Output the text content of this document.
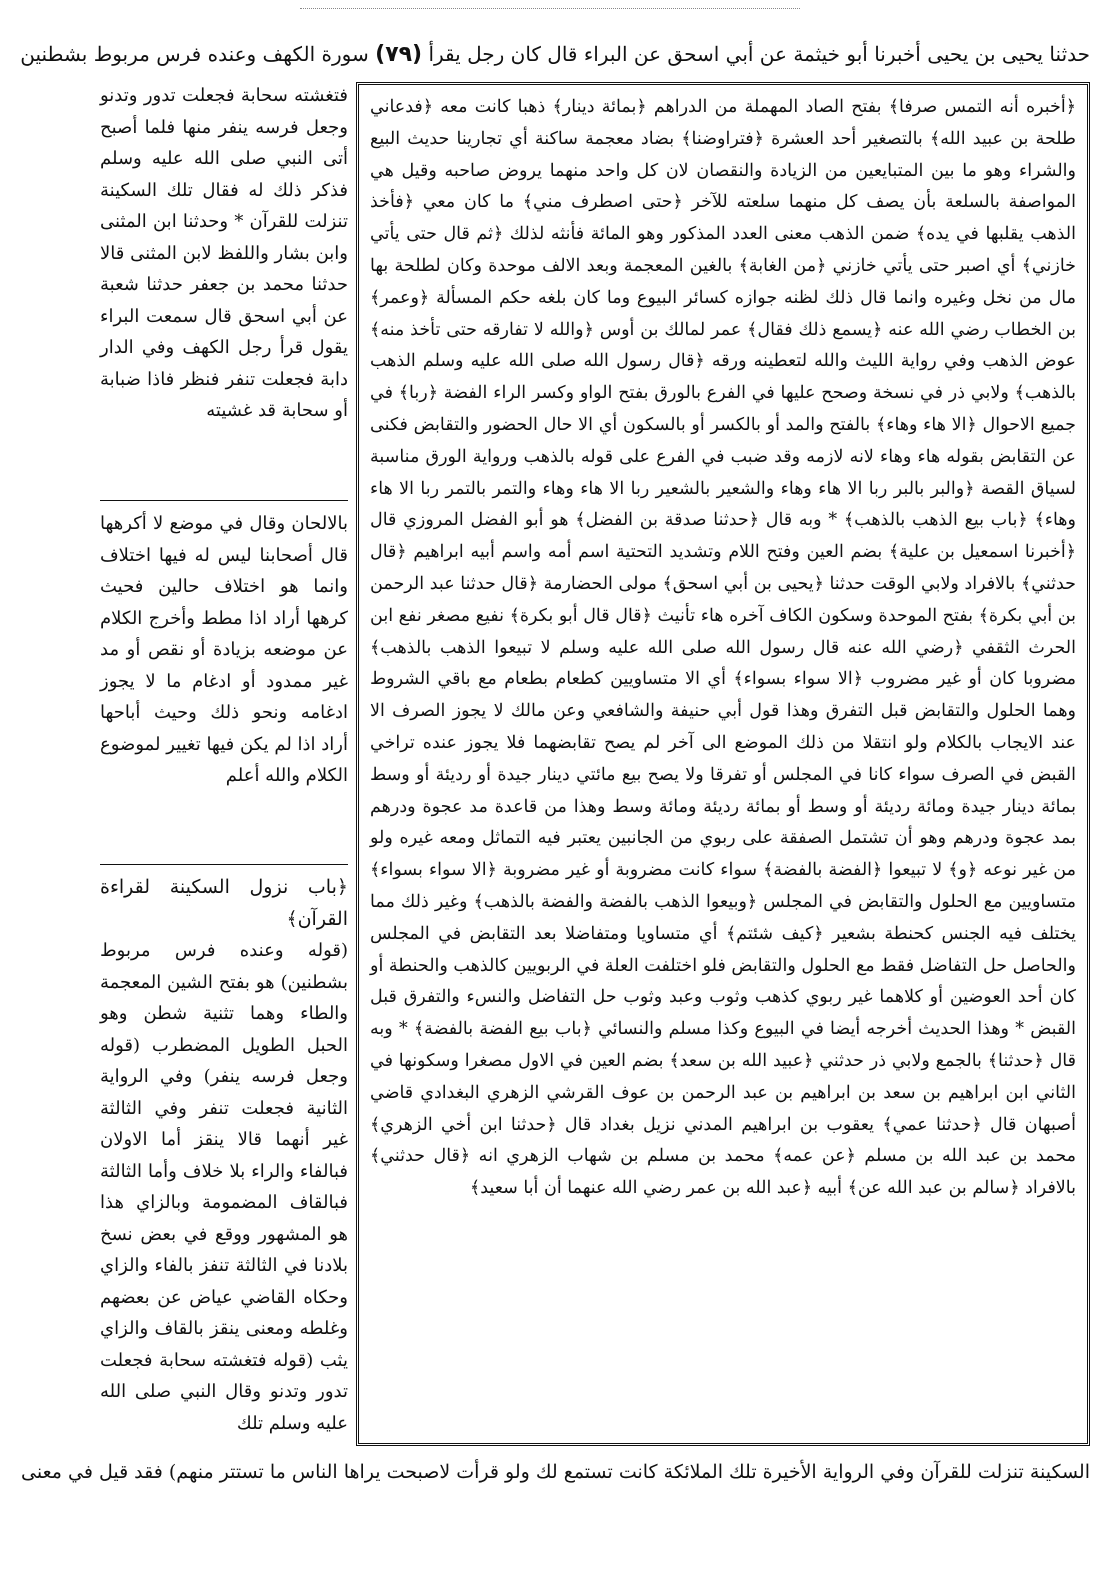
حدثنا يحيى بن يحيى أخبرنا أبو خيثمة عن أبي اسحق عن البراء قال كان رجل يقرأ (٧٩) سورة الكهف وعنده فرس مربوط بشطنين

فتغشته سحابة فجعلت تدور وتدنو وجعل فرسه ينفر منها فلما أصبح أتى النبي صلى الله عليه وسلم فذكر ذلك له فقال تلك السكينة تنزلت للقرآن * وحدثنا ابن المثنى وابن بشار واللفظ لابن المثنى قالا حدثنا محمد بن جعفر حدثنا شعبة عن أبي اسحق قال سمعت البراء يقول قرأ رجل الكهف وفي الدار دابة فجعلت تنفر فنظر فاذا ضبابة أو سحابة قد غشيته

بالالحان وقال في موضع لا أكرهها قال أصحابنا ليس له فيها اختلاف وانما هو اختلاف حالين فحيث كرهها أراد اذا مطط وأخرج الكلام عن موضعه بزيادة أو نقص أو مد غير ممدود أو ادغام ما لا يجوز ادغامه ونحو ذلك وحيث أباحها أراد اذا لم يكن فيها تغيير لموضوع الكلام والله أعلم

﴿باب نزول السكينة لقراءة القرآن﴾

(قوله وعنده فرس مربوط بشطنين) هو بفتح الشين المعجمة والطاء وهما تثنية شطن وهو الحبل الطويل المضطرب (قوله وجعل فرسه ينفر) وفي الرواية الثانية فجعلت تنفر وفي الثالثة غير أنهما قالا ينقز أما الاولان فبالفاء والراء بلا خلاف وأما الثالثة فبالقاف المضمومة وبالزاي هذا هو المشهور ووقع في بعض نسخ بلادنا في الثالثة تنفز بالفاء والزاي وحكاه القاضي عياض عن بعضهم وغلطه ومعنى ينقز بالقاف والزاي يثب (قوله فتغشته سحابة فجعلت تدور وتدنو وقال النبي صلى الله عليه وسلم تلك

﴿أخبره أنه التمس صرفا﴾ بفتح الصاد المهملة من الدراهم ﴿بمائة دينار﴾ ذهبا كانت معه ﴿فدعاني طلحة بن عبيد الله﴾ بالتصغير أحد العشرة ﴿فتراوضنا﴾ بضاد معجمة ساكنة أي تجارينا حديث البيع والشراء وهو ما بين المتبايعين من الزيادة والنقصان لان كل واحد منهما يروض صاحبه وقيل هي المواصفة بالسلعة بأن يصف كل منهما سلعته للآخر ﴿حتى اصطرف مني﴾ ما كان معي ﴿فأخذ الذهب يقلبها في يده﴾ ضمن الذهب معنى العدد المذكور وهو المائة فأنثه لذلك ﴿ثم قال حتى يأتي خازني﴾ أي اصبر حتى يأتي خازني ﴿من الغابة﴾ بالغين المعجمة وبعد الالف موحدة وكان لطلحة بها مال من نخل وغيره وانما قال ذلك لظنه جوازه كسائر البيوع وما كان بلغه حكم المسألة ﴿وعمر﴾ بن الخطاب رضي الله عنه ﴿يسمع ذلك فقال﴾ عمر لمالك بن أوس ﴿والله لا تفارقه حتى تأخذ منه﴾ عوض الذهب وفي رواية الليث والله لتعطينه ورقه ﴿قال رسول الله صلى الله عليه وسلم الذهب بالذهب﴾ ولابي ذر في نسخة وصحح عليها في الفرع بالورق بفتح الواو وكسر الراء الفضة ﴿ربا﴾ في جميع الاحوال ﴿الا هاء وهاء﴾ بالفتح والمد أو بالكسر أو بالسكون أي الا حال الحضور والتقابض فكنى عن التقابض بقوله هاء وهاء لانه لازمه وقد ضبب في الفرع على قوله بالذهب ورواية الورق مناسبة لسياق القصة ﴿والبر بالبر ربا الا هاء وهاء والشعير بالشعير ربا الا هاء وهاء والتمر بالتمر ربا الا هاء وهاء﴾ ﴿باب بيع الذهب بالذهب﴾ * وبه قال ﴿حدثنا صدقة بن الفضل﴾ هو أبو الفضل المروزي قال ﴿أخبرنا اسمعيل بن علية﴾ بضم العين وفتح اللام وتشديد التحتية اسم أمه واسم أبيه ابراهيم ﴿قال حدثني﴾ بالافراد ولابي الوقت حدثنا ﴿يحيى بن أبي اسحق﴾ مولى الحضارمة ﴿قال حدثنا عبد الرحمن بن أبي بكرة﴾ بفتح الموحدة وسكون الكاف آخره هاء تأنيث ﴿قال قال أبو بكرة﴾ نفيع مصغر نفع ابن الحرث الثقفي ﴿رضي الله عنه قال رسول الله صلى الله عليه وسلم لا تبيعوا الذهب بالذهب﴾ مضروبا كان أو غير مضروب ﴿الا سواء بسواء﴾ أي الا متساويين كطعام بطعام مع باقي الشروط وهما الحلول والتقابض قبل التفرق وهذا قول أبي حنيفة والشافعي وعن مالك لا يجوز الصرف الا عند الايجاب بالكلام ولو انتقلا من ذلك الموضع الى آخر لم يصح تقابضهما فلا يجوز عنده تراخي القبض في الصرف سواء كانا في المجلس أو تفرقا ولا يصح بيع مائتي دينار جيدة أو رديئة أو وسط بمائة دينار جيدة ومائة رديئة أو وسط أو بمائة رديئة ومائة وسط وهذا من قاعدة مد عجوة ودرهم بمد عجوة ودرهم وهو أن تشتمل الصفقة على ربوي من الجانبين يعتبر فيه التماثل ومعه غيره ولو من غير نوعه ﴿و﴾ لا تبيعوا ﴿الفضة بالفضة﴾ سواء كانت مضروبة أو غير مضروبة ﴿الا سواء بسواء﴾ متساويين مع الحلول والتقابض في المجلس ﴿وبيعوا الذهب بالفضة والفضة بالذهب﴾ وغير ذلك مما يختلف فيه الجنس كحنطة بشعير ﴿كيف شئتم﴾ أي متساويا ومتفاضلا بعد التقابض في المجلس والحاصل حل التفاضل فقط مع الحلول والتقابض فلو اختلفت العلة في الربويين كالذهب والحنطة أو كان أحد العوضين أو كلاهما غير ربوي كذهب وثوب وعبد وثوب حل التفاضل والنسء والتفرق قبل القبض * وهذا الحديث أخرجه أيضا في البيوع وكذا مسلم والنسائي ﴿باب بيع الفضة بالفضة﴾ * وبه قال ﴿حدثنا﴾ بالجمع ولابي ذر حدثني ﴿عبيد الله بن سعد﴾ بضم العين في الاول مصغرا وسكونها في الثاني ابن ابراهيم بن سعد بن ابراهيم بن عبد الرحمن بن عوف القرشي الزهري البغدادي قاضي أصبهان قال ﴿حدثنا عمي﴾ يعقوب بن ابراهيم المدني نزيل بغداد قال ﴿حدثنا ابن أخي الزهري﴾ محمد بن عبد الله بن مسلم ﴿عن عمه﴾ محمد بن مسلم بن شهاب الزهري انه ﴿قال حدثني﴾ بالافراد ﴿سالم بن عبد الله عن﴾ أبيه ﴿عبد الله بن عمر رضي الله عنهما أن أبا سعيد﴾

السكينة تنزلت للقرآن وفي الرواية الأخيرة تلك الملائكة كانت تستمع لك ولو قرأت لاصبحت يراها الناس ما تستتر منهم) فقد قيل في معنى
